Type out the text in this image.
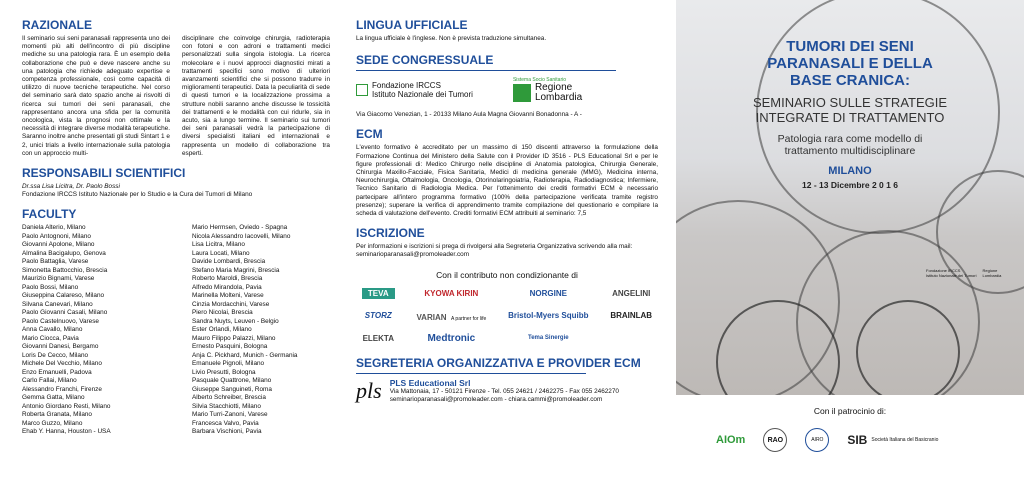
RAZIONALE
Il seminario sui seni paranasali rappresenta uno dei momenti più alti dell'incontro di più discipline mediche su una patologia rara. È un esempio della collaborazione che può e deve nascere anche su una patologia che richiede adeguato expertise e competenza professionale, così come capacità di utilizzo di nuove tecniche terapeutiche. Nel corso del seminario sarà dato spazio anche ai risvolti di ricerca sui tumori dei seni paranasali, che rappresentano ancora una sfida per la comunità oncologica, vista la prognosi non ottimale e la necessità di integrare diverse modalità terapeutiche. Saranno inoltre anche presentati gli studi Sintart 1 e 2, unici trials a livello internazionale sulla patologia con un approccio multi-
disciplinare che coinvolge chirurgia, radioterapia con fotoni e con adroni e trattamenti medici personalizzati sulla singola istologia. La ricerca molecolare e i nuovi approcci diagnostici mirati a trattamenti specifici sono motivo di ulteriori avanzamenti scientifici che si possono tradurre in miglioramenti terapeutici. Data la peculiarità di sede di questi tumori e la localizzazione prossima a strutture nobili saranno anche discusse le tossicità dei trattamenti e le modalità con cui ridurle, sia in acuto, sia a lungo termine. Il seminario sui tumori dei seni paranasali vedrà la partecipazione di diversi specialisti italiani ed internazionali e rappresenta un modello di collaborazione tra esperti.
RESPONSABILI SCIENTIFICI
Dr.ssa Lisa Licitra, Dr. Paolo Bossi
Fondazione IRCCS Istituto Nazionale per lo Studio e la Cura dei Tumori di Milano
FACULTY
Daniela Alterio, Milano
Paolo Antognoni, Milano
Giovanni Apolone, Milano
Almalina Bacigalupo, Genova
Paolo Battaglia, Varese
Simonetta Battocchio, Brescia
Maurizio Bignami, Varese
Paolo Bossi, Milano
Giuseppina Calareso, Milano
Silvana Canevari, Milano
Paolo Giovanni Casali, Milano
Paolo Castelnuovo, Varese
Anna Cavallo, Milano
Mario Ciocca, Pavia
Giovanni Danesi, Bergamo
Loris De Cecco, Milano
Michele Del Vecchio, Milano
Enzo Emanuelli, Padova
Carlo Fallai, Milano
Alessandro Franchi, Firenze
Gemma Gatta, Milano
Antonio Giordano Resti, Milano
Roberta Granata, Milano
Marco Guzzo, Milano
Ehab Y. Hanna, Houston - USA
Mario Hermsen, Oviedo - Spagna
Nicola Alessandro Iacovelli, Milano
Lisa Licitra, Milano
Laura Locati, Milano
Davide Lombardi, Brescia
Stefano Maria Magrini, Brescia
Roberto Maroldi, Brescia
Alfredo Mirandola, Pavia
Marinella Molteni, Varese
Cinzia Mordacchini, Varese
Piero Nicolai, Brescia
Sandra Nuyts, Leuven - Belgio
Ester Orlandi, Milano
Mauro Filippo Palazzi, Milano
Ernesto Pasquini, Bologna
Anja C. Pickhard, Munich - Germania
Emanuele Pignoli, Milano
Livio Presutti, Bologna
Pasquale Quattrone, Milano
Giuseppe Sanguineti, Roma
Alberto Schreiber, Brescia
Silvia Stacchiotti, Milano
Mario Turri-Zanoni, Varese
Francesca Valvo, Pavia
Barbara Vischioni, Pavia
LINGUA UFFICIALE
La lingua ufficiale è l'inglese. Non è prevista traduzione simultanea.
SEDE CONGRESSUALE
Fondazione IRCCS
Istituto Nazionale dei Tumori
Sistema Socio Sanitario
Regione
Lombardia
Via Giacomo Venezian, 1 - 20133 Milano Aula Magna Giovanni Bonadonna - A -
ECM
L'evento formativo è accreditato per un massimo di 150 discenti attraverso la formulazione della Formazione Continua del Ministero della Salute con il Provider ID 3516 - PLS Educational Srl e per le figure professionali di: Medico Chirurgo nelle discipline di Anatomia patologica, Chirurgia Generale, Chirurgia Maxillo-Facciale, Fisica Sanitaria, Medici di medicina generale (MMG), Medicina interna, Neurochirurgia, Oftalmologia, Oncologia, Otorinolaringoiatria, Radioterapia, Radiodiagnostica; Infermiere, Tecnico Sanitario di Radiologia Medica. Per l'ottenimento dei crediti formativi ECM è necessario partecipare all'intero programma formativo (100% della partecipazione verificata tramite registro presenze); superare la verifica di apprendimento tramite compilazione del questionario e compilare la scheda di valutazione dell'evento. Crediti formativi ECM attribuiti al seminario: 7,5
ISCRIZIONE
Per informazioni e iscrizioni si prega di rivolgersi alla Segreteria Organizzativa scrivendo alla mail: seminarioparanasali@promoleader.com
Con il contributo non condizionante di
TEVA	KYOWA KIRIN	NORGINE	ANGELINI
STORZ	VARIAN A partner for life	Bristol-Myers Squibb	BRAINLAB
ELEKTA	Medtronic	Tema Sinergie
SEGRETERIA ORGANIZZATIVA E PROVIDER ECM
pls PLS Educational Srl
Via Mattonaia, 17 - 50121 Firenze - Tel. 055 24621 / 2462275 - Fax 055 2462270
seminarioparanasali@promoleader.com - chiara.cammi@promoleader.com
TUMORI DEI SENI
PARANASALI E DELLA
BASE CRANICA:
SEMINARIO SULLE STRATEGIE
INTEGRATE DI TRATTAMENTO
Patologia rara come modello di
trattamento multidisciplinare
MILANO
12 - 13 Dicembre 2 0 1 6
Fondazione IRCCS
Istituto Nazionale dei Tumori
Regione
Lombardia
Con il patrocinio di:
AIOm	RAO	AIRO	SIB Società Italiana del Basicranio
